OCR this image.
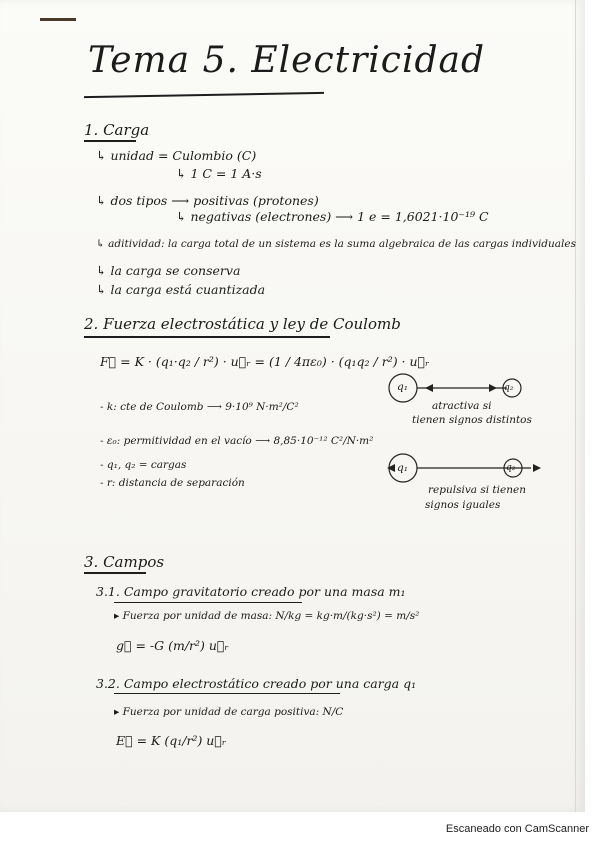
Tema 5. Electricidad
1. Carga
↳ unidad = Culombio (C)
↳ 1 C = 1 A·s
↳ dos tipos ⟶ positivas (protones)
↳ negativas (electrones) ⟶ 1 e = 1,6021·10⁻¹⁹ C
↳ aditividad: la carga total de un sistema es la suma algebraica de las cargas individuales
↳ la carga se conserva
↳ la carga está cuantizada
2. Fuerza electrostática y ley de Coulomb
F⃗ = K · (q₁·q₂ / r²) · u⃗ᵣ = (1 / 4πε₀) · (q₁q₂ / r²) · u⃗ᵣ
- k: cte de Coulomb ⟶ 9·10⁹ N·m²/C²
- ε₀: permitividad en el vacío ⟶ 8,85·10⁻¹² C²/N·m²
- q₁, q₂ = cargas
- r: distancia de separación
q₁	q₂
atractiva si
tienen signos distintos
q₁	q₂
repulsiva si tienen
signos iguales
3. Campos
3.1. Campo gravitatorio creado por una masa m₁
▸ Fuerza por unidad de masa: N/kg = kg·m/(kg·s²) = m/s²
g⃗ = -G (m/r²) u⃗ᵣ
3.2. Campo electrostático creado por una carga q₁
▸ Fuerza por unidad de carga positiva: N/C
E⃗ = K (q₁/r²) u⃗ᵣ
Escaneado con CamScanner
